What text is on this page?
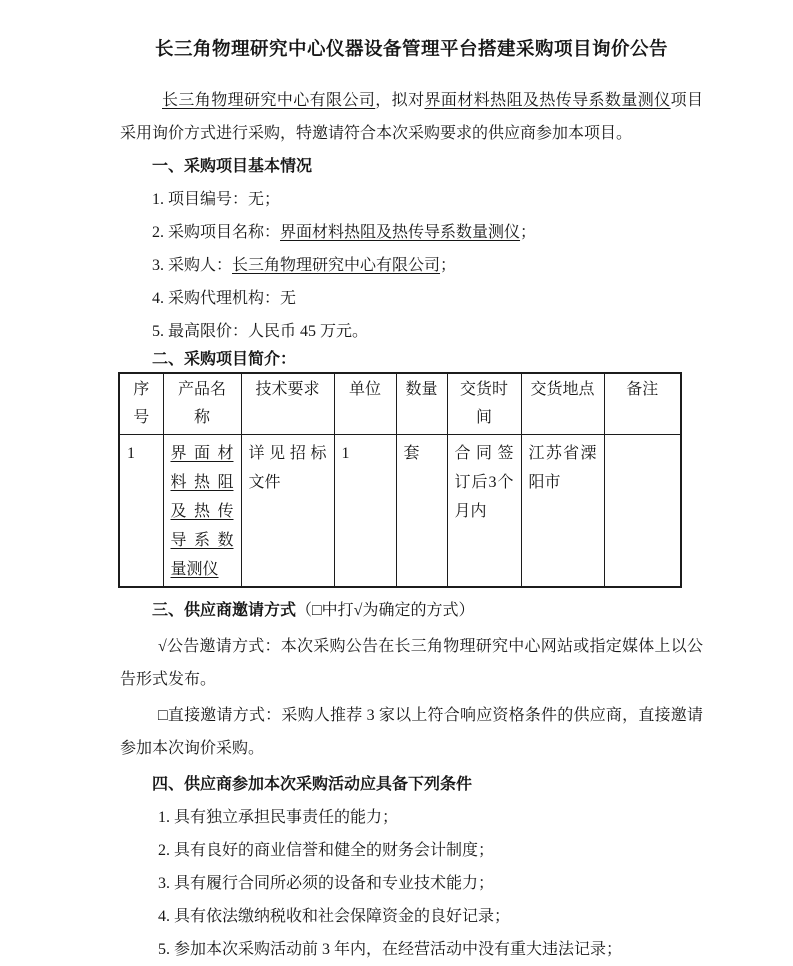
长三角物理研究中心仪器设备管理平台搭建采购项目询价公告

长三角物理研究中心有限公司，拟对界面材料热阻及热传导系数量测仪项目采用询价方式进行采购，特邀请符合本次采购要求的供应商参加本项目。

一、采购项目基本情况

1. 项目编号：无；

2. 采购项目名称：界面材料热阻及热传导系数量测仪；

3. 采购人：长三角物理研究中心有限公司；

4. 采购代理机构：无

5. 最高限价：人民币 45 万元。

二、采购项目简介：

序号	产品名称	技术要求	单位	数量	交货时间	交货地点	备注
1	界面材料热阻及热传导系数量测仪	详见招标文件	1	套	合同签订后3个月内	江苏省溧阳市	

三、供应商邀请方式（□中打√为确定的方式）

√公告邀请方式：本次采购公告在长三角物理研究中心网站或指定媒体上以公告形式发布。

□直接邀请方式：采购人推荐 3 家以上符合响应资格条件的供应商，直接邀请参加本次询价采购。

四、供应商参加本次采购活动应具备下列条件

1. 具有独立承担民事责任的能力；

2. 具有良好的商业信誉和健全的财务会计制度；

3. 具有履行合同所必须的设备和专业技术能力；

4. 具有依法缴纳税收和社会保障资金的良好记录；

5. 参加本次采购活动前 3 年内，在经营活动中没有重大违法记录；
